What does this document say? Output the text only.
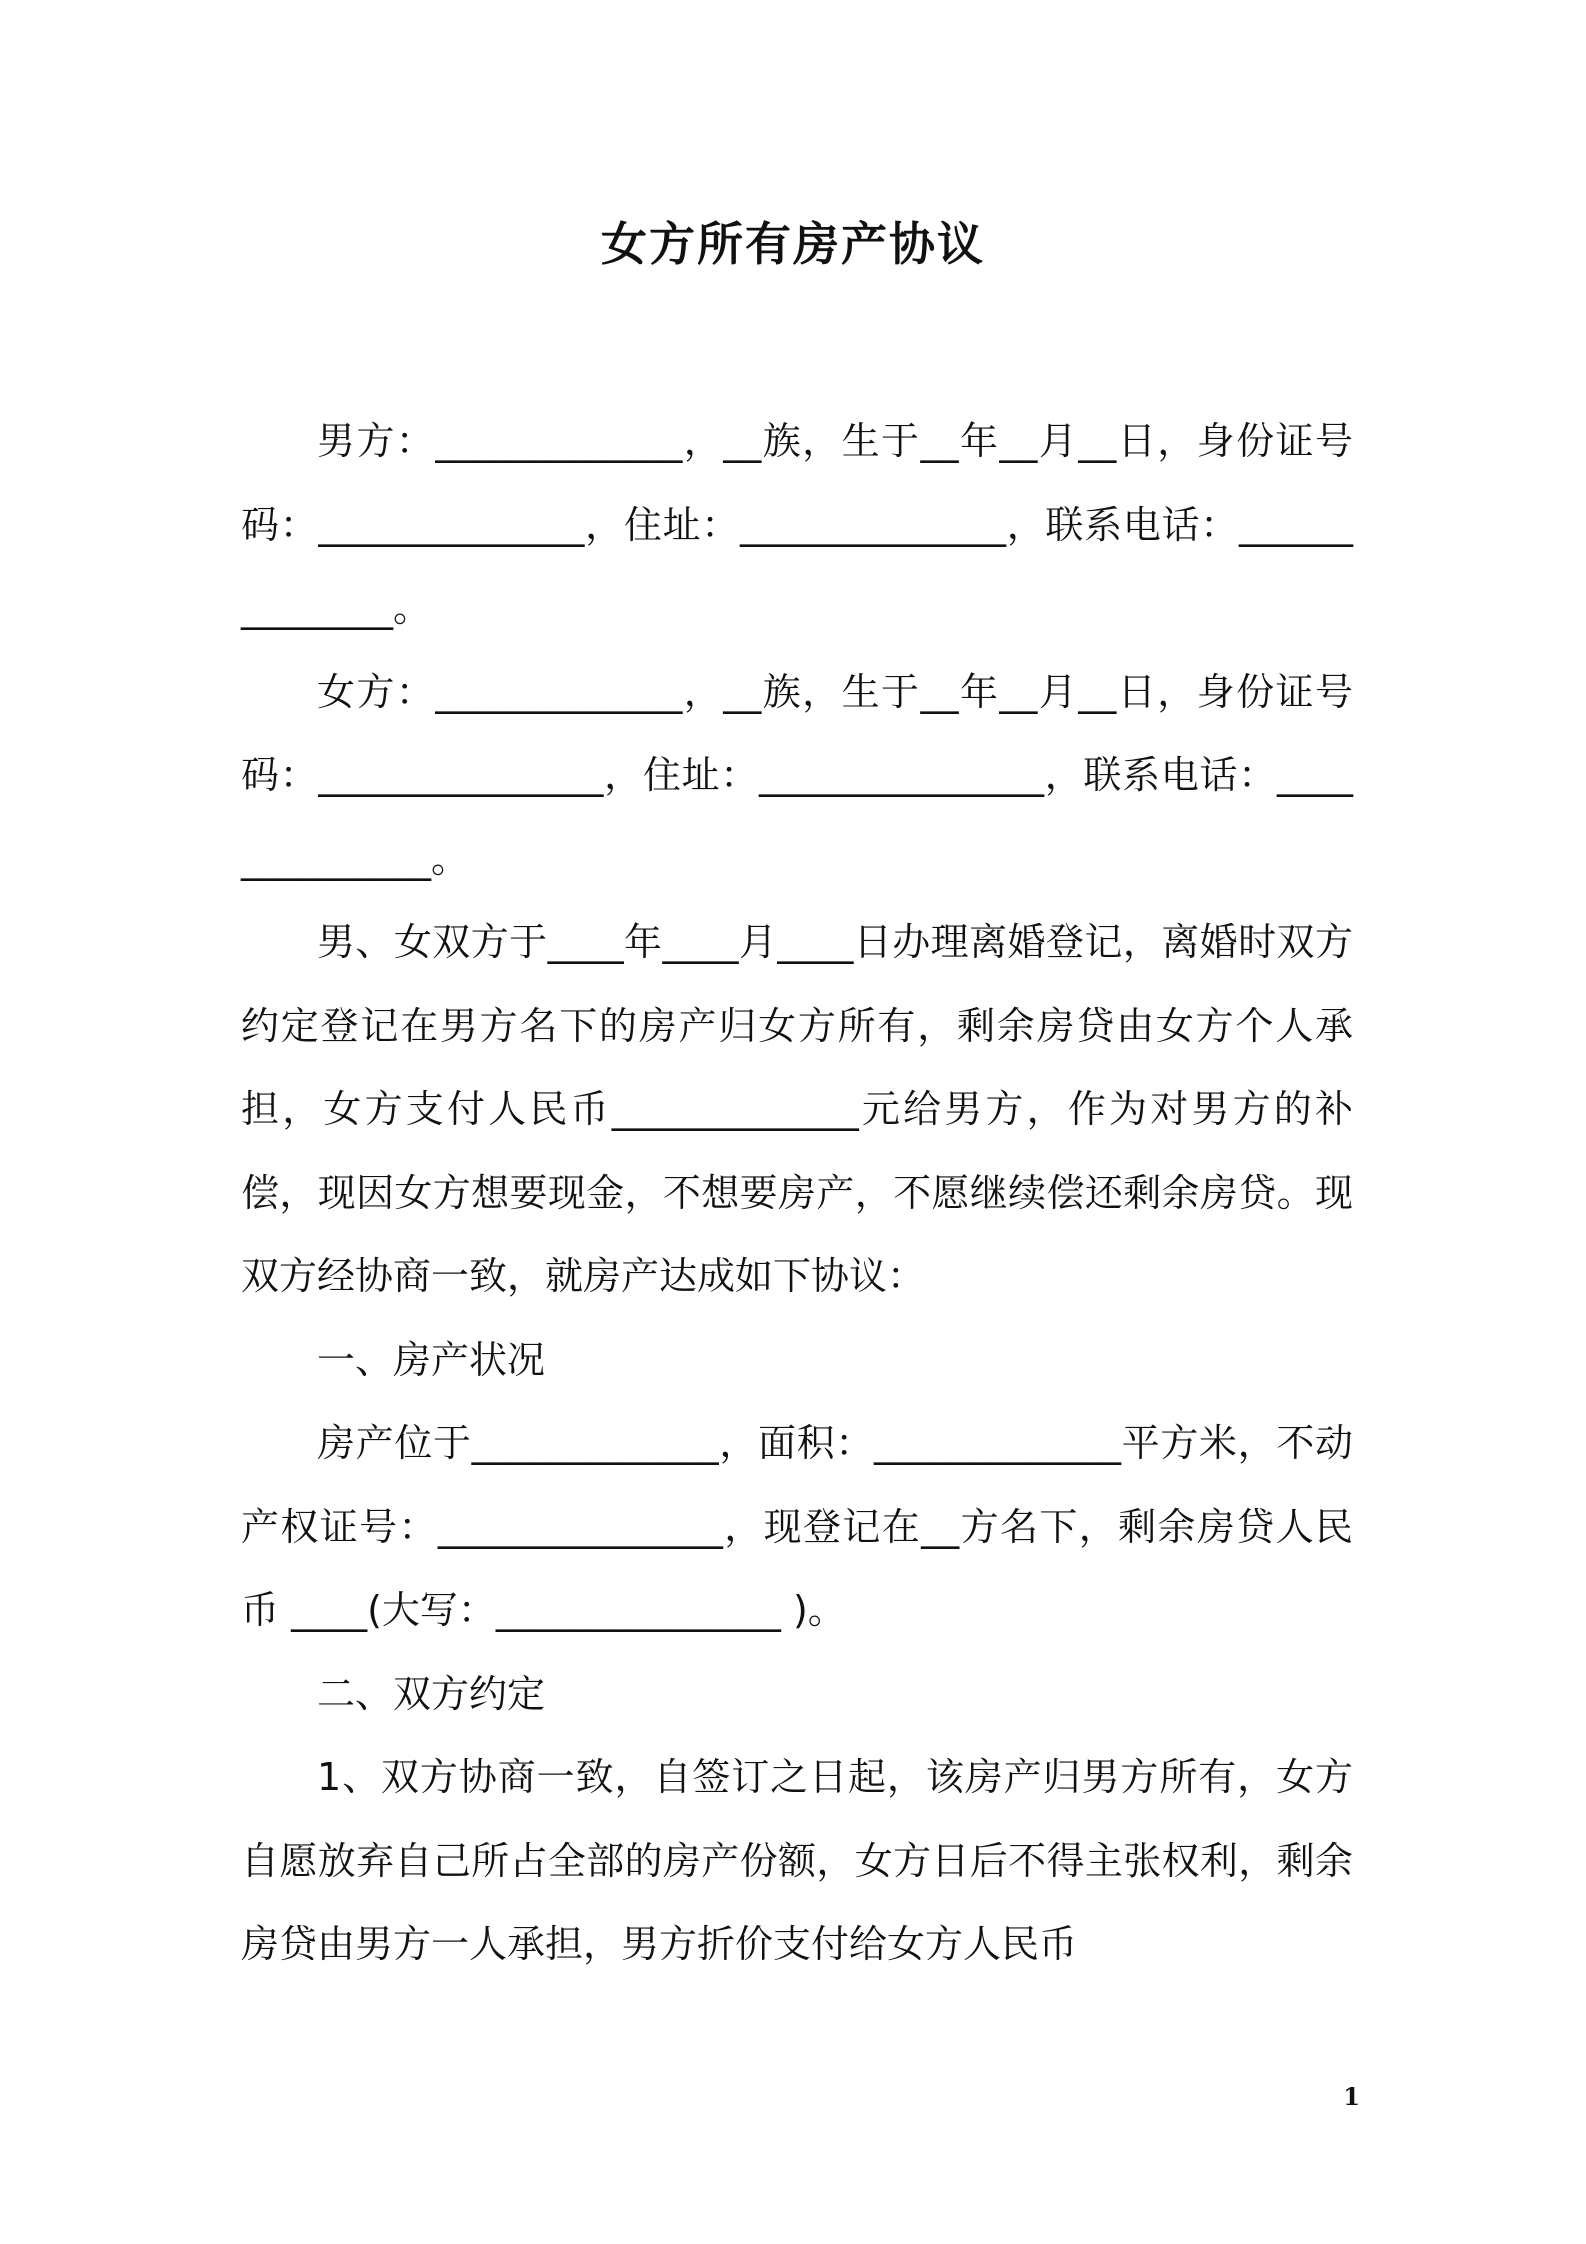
女方所有房产协议

男方：_____________，__族，生于__年__月__日，身份证号码：______________，住址：______________，联系电话：______________。

女方：_____________，__族，生于__年__月__日，身份证号码：_______________，住址：_______________，联系电话：______________。

男、女双方于____年____月____日办理离婚登记，离婚时双方约定登记在男方名下的房产归女方所有，剩余房贷由女方个人承担，女方支付人民币_____________元给男方，作为对男方的补偿，现因女方想要现金，不想要房产，不愿继续偿还剩余房贷。现双方经协商一致，就房产达成如下协议：

一、房产状况

房产位于_____________，面积：_____________平方米，不动产权证号：_______________，现登记在__方名下，剩余房贷人民币 ____(大写：_______________ )。

二、双方约定

1、双方协商一致，自签订之日起，该房产归男方所有，女方自愿放弃自己所占全部的房产份额，女方日后不得主张权利，剩余房贷由男方一人承担，男方折价支付给女方人民币

1
